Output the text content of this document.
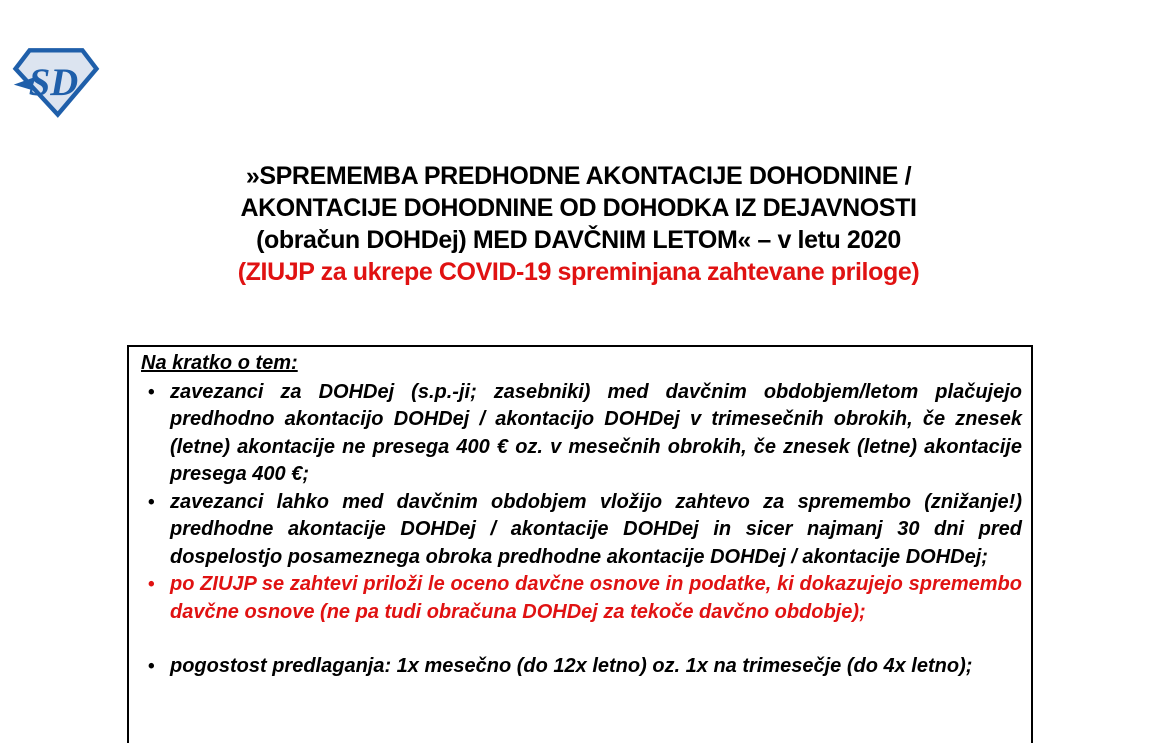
SD
»SPREMEMBA PREDHODNE AKONTACIJE DOHODNINE /
AKONTACIJE DOHODNINE OD DOHODKA IZ DEJAVNOSTI
(obračun DOHDej) MED DAVČNIM LETOM« – v letu 2020
(ZIUJP za ukrepe COVID-19 spreminjana zahtevane priloge)
Na kratko o tem:
• zavezanci za DOHDej (s.p.-ji; zasebniki) med davčnim obdobjem/letom plačujejo predhodno akontacijo DOHDej / akontacijo DOHDej v trimesečnih obrokih, če znesek (letne) akontacije ne presega 400 € oz. v mesečnih obrokih, če znesek (letne) akontacije presega 400 €;
• zavezanci lahko med davčnim obdobjem vložijo zahtevo za spremembo (znižanje!) predhodne akontacije DOHDej / akontacije DOHDej in sicer najmanj 30 dni pred dospelostjo posameznega obroka predhodne akontacije DOHDej / akontacije DOHDej;
• po ZIUJP se zahtevi priloži le oceno davčne osnove in podatke, ki dokazujejo spremembo davčne osnove (ne pa tudi obračuna DOHDej za tekoče davčno obdobje);
• pogostost predlaganja: 1x mesečno (do 12x letno) oz. 1x na trimesečje (do 4x letno);
